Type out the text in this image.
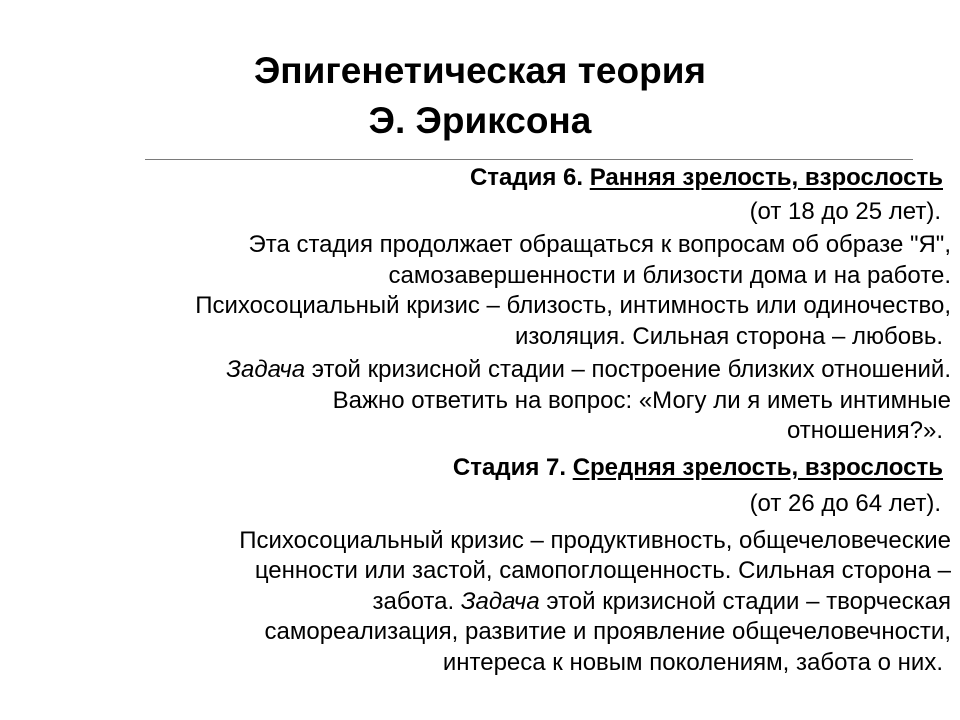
Эпигенетическая теория
Э. Эриксона

Стадия 6. Ранняя зрелость, взрослость

(от 18 до 25 лет).

Эта стадия продолжает обращаться к вопросам об образе "Я",

самозавершенности и близости дома и на работе.

Психосоциальный кризис – близость, интимность или одиночество,

изоляция. Сильная сторона – любовь.

Задача этой кризисной стадии – построение близких отношений.

Важно ответить на вопрос: «Могу ли я иметь интимные

отношения?».

Стадия 7. Средняя зрелость, взрослость

(от 26 до 64 лет).

Психосоциальный кризис – продуктивность, общечеловеческие

ценности или застой, самопоглощенность. Сильная сторона –

забота. Задача этой кризисной стадии – творческая

самореализация, развитие и проявление общечеловечности,

интереса к новым поколениям, забота о них.
